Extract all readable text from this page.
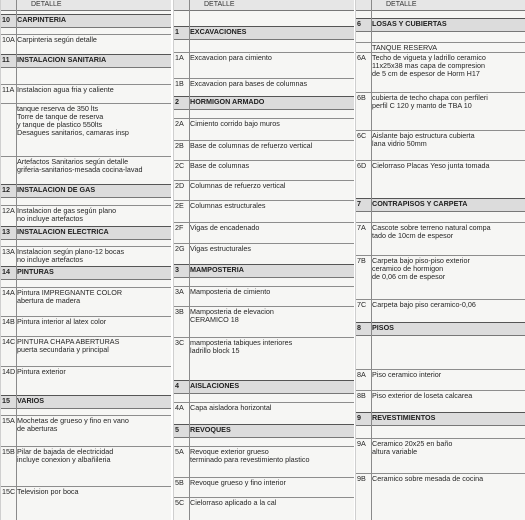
DETALLE
10 CARPINTERIA
10A Carpinteria según detalle
11	INSTALACION SANITARIA
11A Instalacion agua fria y caliente
tanque reserva de 350 lts
Torre de tanque de reserva
y tanque de plastico 550lts
Desagues sanitarios, camaras insp
Artefactos Sanitarios según detalle
griferia-sanitarios-mesada cocina-lavad
12 INSTALACION DE GAS
12A Instalacion de gas según plano
no incluye artefactos
13 INSTALACION ELECTRICA
13A Instalacion según plano-12 bocas
no incluye artefactos
14 PINTURAS
14A Pintura IMPREGNANTE COLOR
abertura de madera
14B Pintura interior al latex color
14C PINTURA CHAPA ABERTURAS
puerta secundaria y principal
14D Pintura exterior
15 VARIOS
15A Mochetas de grueso y fino en vano
de aberturas
15B Pilar de bajada de electricidad
incluye conexion y albañileria
15C Television por boca
DETALLE
1	EXCAVACIONES
1A Excavacion para cimiento
1B Excavacion para bases de columnas
2	HORMIGON ARMADO
2A Cimiento corrido bajo muros
2B Base de columnas de refuerzo vertical
2C Base de columnas
2D Columnas de refuerzo vertical
2E Columnas estructurales
2F Vigas de encadenado
2G Vigas estructurales
3	MAMPOSTERIA
3A Mamposteria de cimiento
3B Mamposteria de elevacion
CERAMICO 18
3C mamposteria tabiques interiores
ladrillo block 15
4	AISLACIONES
4A Capa aisladora horizontal
5	REVOQUES
5A Revoque exterior grueso
terminado para revestimiento plastico
5B Revoque grueso y fino interior
5C Cielorraso aplicado a la cal
DETALLE
6	LOSAS Y CUBIERTAS
TANQUE RESERVA
6A Techo de vigueta y ladrillo ceramico
11x25x38 mas capa de compresion
de 5 cm de espesor de Horm H17
6B cubierta de techo chapa con perfileri
perfil C 120 y manto de TBA 10
6C Aislante bajo estructura cubierta
lana vidrio 50mm
6D Cielorraso Placas Yeso junta tomada
7	CONTRAPISOS Y CARPETA
7A Cascote sobre terreno natural compa
tado de 10cm de espesor
7B Carpeta bajo piso-piso exterior
ceramico de hormigon
de 0,06 cm de espesor
7C Carpeta bajo piso ceramico-0,06
8	PISOS
8A Piso ceramico interior
8B Piso exterior de loseta calcarea
9	REVESTIMIENTOS
9A Ceramico 20x25 en baño
altura variable
9B Ceramico sobre mesada de cocina
